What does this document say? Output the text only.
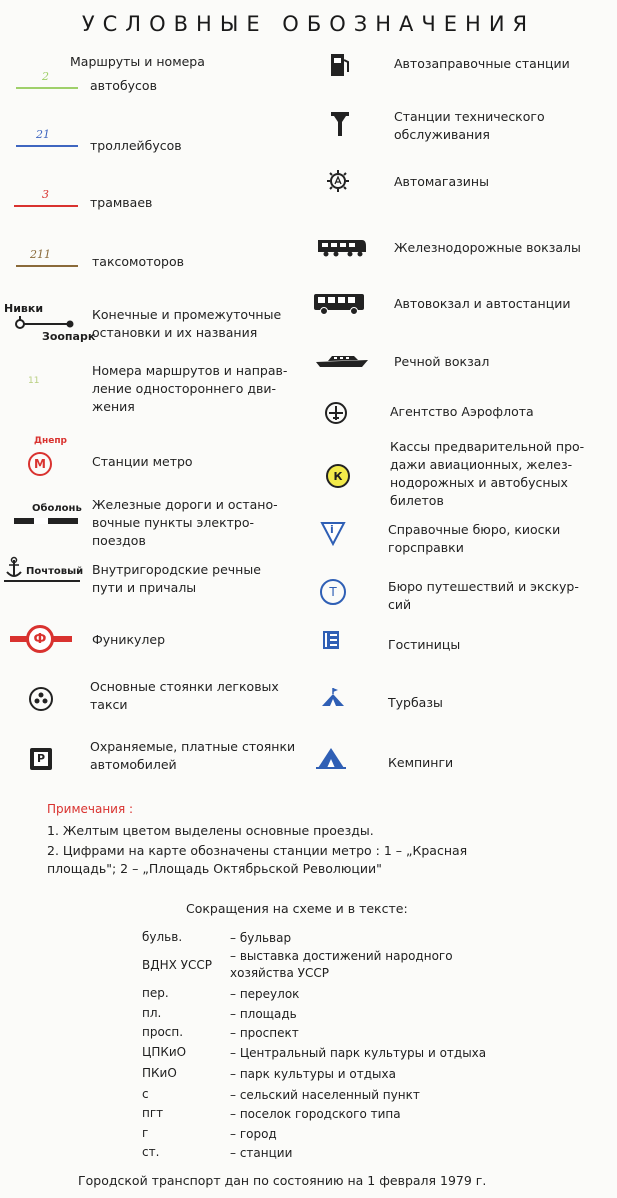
УСЛОВНЫЕ ОБОЗНАЧЕНИЯ
Маршруты и номера
2
автобусов
21
троллейбусов
3
трамваев
211	таксомоторов
Нивки
Зоопарк
Конечные и промежуточные
остановки и их названия
11
Номера маршрутов и направ-
ление одностороннего дви-
жения
Днепр
М	Станции метро
Оболонь Железные дороги и остано-
вочные пункты электро-
поездов
Почтовый Внутригородские речные
пути и причалы
Ф	Фуникулер
Основные стоянки легковых
такси
P
Охраняемые, платные стоянки
автомобилей
Автозаправочные станции
Станции технического
обслуживания
Автомагазины
Железнодорожные вокзалы
Автовокзал и автостанции
Речной вокзал
Агентство Аэрофлота
К
Кассы предварительной про-
дажи авиационных, желез-
нодорожных и автобусных
билетов
i	Справочные бюро, киоски
горсправки
Т	Бюро путешествий и экскур-
сий
Гостиницы
Турбазы
Кемпинги
Примечания :
1. Желтым цветом выделены основные проезды.
2. Цифрами на карте обозначены станции метро : 1 – „Красная
площадь"; 2 – „Площадь Октябрьской Революции"
Сокращения на схеме и в тексте:
бульв.	– бульвар
ВДНХ УССР
– выставка достижений народного
хозяйства УССР
пер.	– переулок
пл.	– площадь
просп.	– проспект
ЦПКиО	– Центральный парк культуры и отдыха
ПКиО	– парк культуры и отдыха
с	– сельский населенный пункт
пгт	– поселок городского типа
г	– город
ст.	– станции
Городской транспорт дан по состоянию на 1 февраля 1979 г.
